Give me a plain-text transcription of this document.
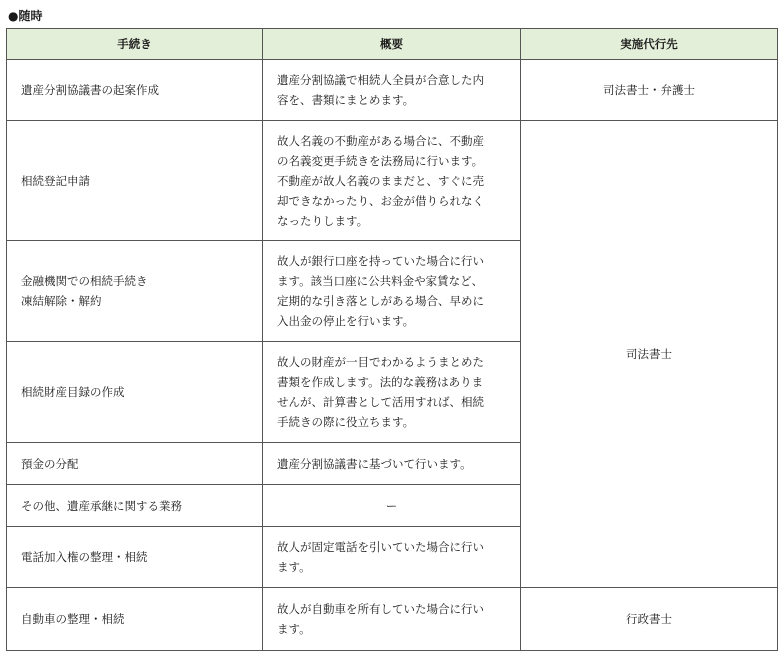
●随時
手続き	概要	実施代行先

遺産分割協議書の起案作成	遺産分割協議で相続人全員が合意した内
容を、書類にまとめます。	司法書士・弁護士

相続登記申請	故人名義の不動産がある場合に、不動産
の名義変更手続きを法務局に行います。
不動産が故人名義のままだと、すぐに売
却できなかったり、お金が借りられなく
なったりします。	司法書士

金融機関での相続手続き
凍結解除・解約	故人が銀行口座を持っていた場合に行い
ます。該当口座に公共料金や家賃など、
定期的な引き落としがある場合、早めに
入出金の停止を行います。	

相続財産目録の作成	故人の財産が一目でわかるようまとめた
書類を作成します。法的な義務はありま
せんが、計算書として活用すれば、相続
手続きの際に役立ちます。	

預金の分配	遺産分割協議書に基づいて行います。	

その他、遺産承継に関する業務	ー	

電話加入権の整理・相続	故人が固定電話を引いていた場合に行い
ます。	

自動車の整理・相続	故人が自動車を所有していた場合に行い
ます。	行政書士
